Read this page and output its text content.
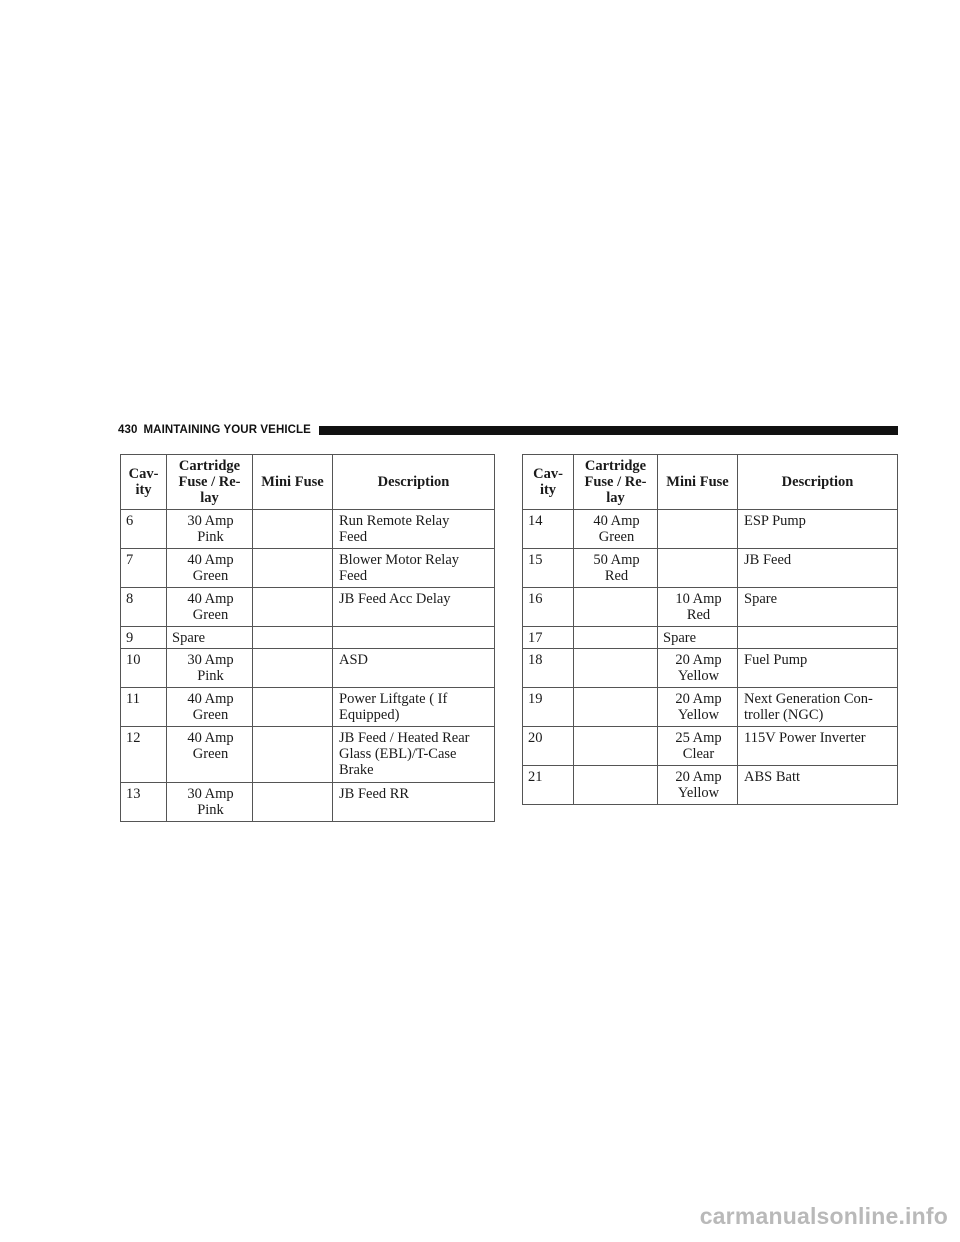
430 MAINTAINING YOUR VEHICLE
Cav-
ity	Cartridge
Fuse / Re-
lay	Mini Fuse	Description
6	30 Amp
Pink		Run Remote Relay
Feed
7	40 Amp
Green		Blower Motor Relay
Feed
8	40 Amp
Green		JB Feed Acc Delay
9	Spare		
10	30 Amp
Pink		ASD
11	40 Amp
Green		Power Liftgate ( If
Equipped)
12	40 Amp
Green		JB Feed / Heated Rear
Glass (EBL)/T-Case
Brake
13	30 Amp
Pink		JB Feed RR
Cav-
ity	Cartridge
Fuse / Re-
lay	Mini Fuse	Description
14	40 Amp
Green		ESP Pump
15	50 Amp
Red		JB Feed
16		10 Amp
Red	Spare
17		Spare	
18		20 Amp
Yellow	Fuel Pump
19		20 Amp
Yellow	Next Generation Con-
troller (NGC)
20		25 Amp
Clear	115V Power Inverter
21		20 Amp
Yellow	ABS Batt
carmanualsonline.info
